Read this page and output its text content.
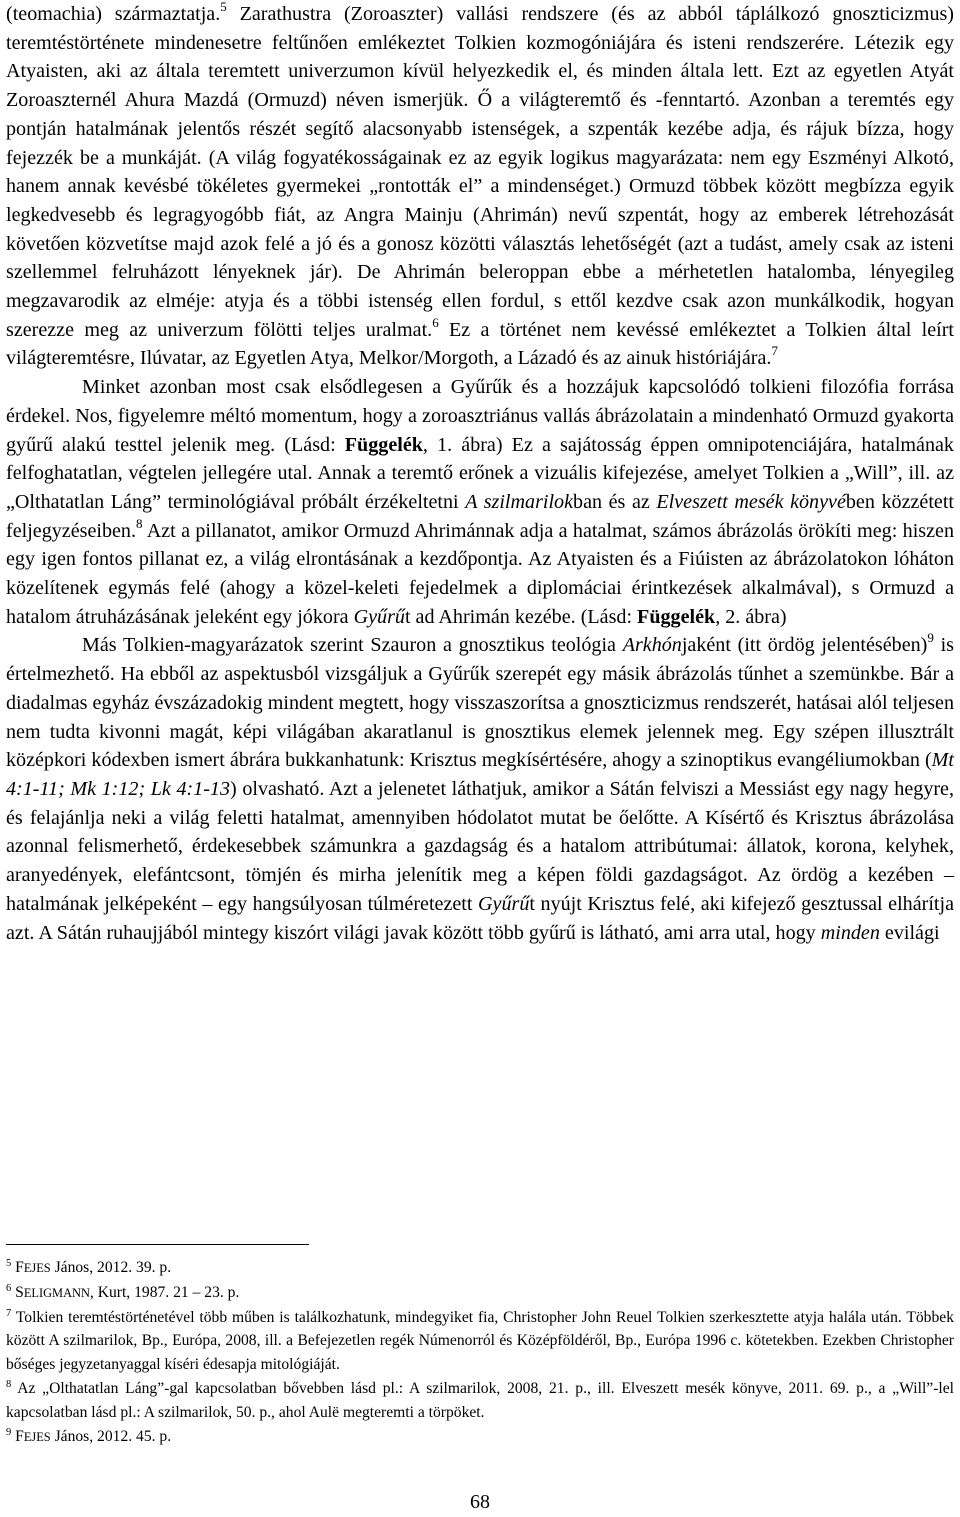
(teomachia) származtatja.$^5$ Zarathustra (Zoroaszter) vallási rendszere (és az abból táplálkozó gnoszticizmus) teremtéstörténete mindenesetre feltűnően emlékeztet Tolkien kozmogóniájára és isteni rendszerére. Létezik egy Atyaisten, aki az általa teremtett univerzumon kívül helyezkedik el, és minden általa lett. Ezt az egyetlen Atyát Zoroaszternél Ahura Mazdá (Ormuzd) néven ismerjük. Ő a világteremtő és -fenntartó. Azonban a teremtés egy pontján hatalmának jelentős részét segítő alacsonyabb istenségek, a szpenták kezébe adja, és rájuk bízza, hogy fejezzék be a munkáját. (A világ fogyatékosságainak ez az egyik logikus magyarázata: nem egy Eszményi Alkotó, hanem annak kevésbé tökéletes gyermekei „rontották el” a mindenséget.) Ormuzd többek között megbízza egyik legkedvesebb és legragyogóbb fiát, az Angra Mainju (Ahrimán) nevű szpentát, hogy az emberek létrehozását követően közvetítse majd azok felé a jó és a gonosz közötti választás lehetőségét (azt a tudást, amely csak az isteni szellemmel felruházott lényeknek jár). De Ahrimán beleroppan ebbe a mérhetetlen hatalomba, lényegileg megzavarodik az elméje: atyja és a többi istenség ellen fordul, s ettől kezdve csak azon munkálkodik, hogyan szerezze meg az univerzum fölötti teljes uralmat.$^6$ Ez a történet nem kevéssé emlékeztet a Tolkien által leírt világteremtésre, Ilúvatar, az Egyetlen Atya, Melkor/Morgoth, a Lázadó és az ainuk históriájára.$^7$

Minket azonban most csak elsődlegesen a Gyűrűk és a hozzájuk kapcsolódó tolkieni filozófia forrása érdekel. Nos, figyelemre méltó momentum, hogy a zoroasztriánus vallás ábrázolatain a mindenható Ormuzd gyakorta gyűrű alakú testtel jelenik meg. (Lásd: Függelék, 1. ábra) Ez a sajátosság éppen omnipotenciájára, hatalmának felfoghatatlan, végtelen jellegére utal. Annak a teremtő erőnek a vizuális kifejezése, amelyet Tolkien a „Will”, ill. az „Olthatatlan Láng” terminológiával próbált érzékeltetni A szilmarilokban és az Elveszett mesék könyvében közzétett feljegyzéseiben.$^8$ Azt a pillanatot, amikor Ormuzd Ahrimánnak adja a hatalmat, számos ábrázolás örökíti meg: hiszen egy igen fontos pillanat ez, a világ elrontásának a kezdőpontja. Az Atyaisten és a Fiúisten az ábrázolatokon lóháton közelítenek egymás felé (ahogy a közel-keleti fejedelmek a diplomáciai érintkezések alkalmával), s Ormuzd a hatalom átruházásának jeleként egy jókora Gyűrűt ad Ahrimán kezébe. (Lásd: Függelék, 2. ábra)

Más Tolkien-magyarázatok szerint Szauron a gnosztikus teológia Arkhónjaként (itt ördög jelentésében)$^9$ is értelmezhető. Ha ebből az aspektusból vizsgáljuk a Gyűrűk szerepét egy másik ábrázolás tűnhet a szemünkbe. Bár a diadalmas egyház évszázadokig mindent megtett, hogy visszaszorítsa a gnoszticizmus rendszerét, hatásai alól teljesen nem tudta kivonni magát, képi világában akaratlanul is gnosztikus elemek jelennek meg. Egy szépen illusztrált középkori kódexben ismert ábrára bukkanhatunk: Krisztus megkísértésére, ahogy a szinoptikus evangéliumokban (Mt 4:1-11; Mk 1:12; Lk 4:1-13) olvasható. Azt a jelenetet láthatjuk, amikor a Sátán felviszi a Messiást egy nagy hegyre, és felajánlja neki a világ feletti hatalmat, amennyiben hódolatot mutat be őelőtte. A Kísértő és Krisztus ábrázolása azonnal felismerhető, érdekesebbek számunkra a gazdagság és a hatalom attribútumai: állatok, korona, kelyhek, aranyedények, elefántcsont, tömjén és mirha jelenítik meg a képen földi gazdagságot. Az ördög a kezében – hatalmának jelképeként – egy hangsúlyosan túlméretezett Gyűrűt nyújt Krisztus felé, aki kifejező gesztussal elhárítja azt. A Sátán ruhaujjából mintegy kiszórt világi javak között több gyűrű is látható, ami arra utal, hogy minden evilági

$^5$ FEJES János, 2012. 39. p.

$^6$ SELIGMANN, Kurt, 1987. 21 – 23. p.

$^7$ Tolkien teremtéstörténetével több műben is találkozhatunk, mindegyiket fia, Christopher John Reuel Tolkien szerkesztette atyja halála után. Többek között A szilmarilok, Bp., Európa, 2008, ill. a Befejezetlen regék Númenorról és Középföldéről, Bp., Európa 1996 c. kötetekben. Ezekben Christopher bőséges jegyzetanyaggal kíséri édesapja mitológiáját.

$^8$ Az „Olthatatlan Láng”-gal kapcsolatban bővebben lásd pl.: A szilmarilok, 2008, 21. p., ill. Elveszett mesék könyve, 2011. 69. p., a „Will”-lel kapcsolatban lásd pl.: A szilmarilok, 50. p., ahol Aulë megteremti a törpöket.

$^9$ FEJES János, 2012. 45. p.

68
